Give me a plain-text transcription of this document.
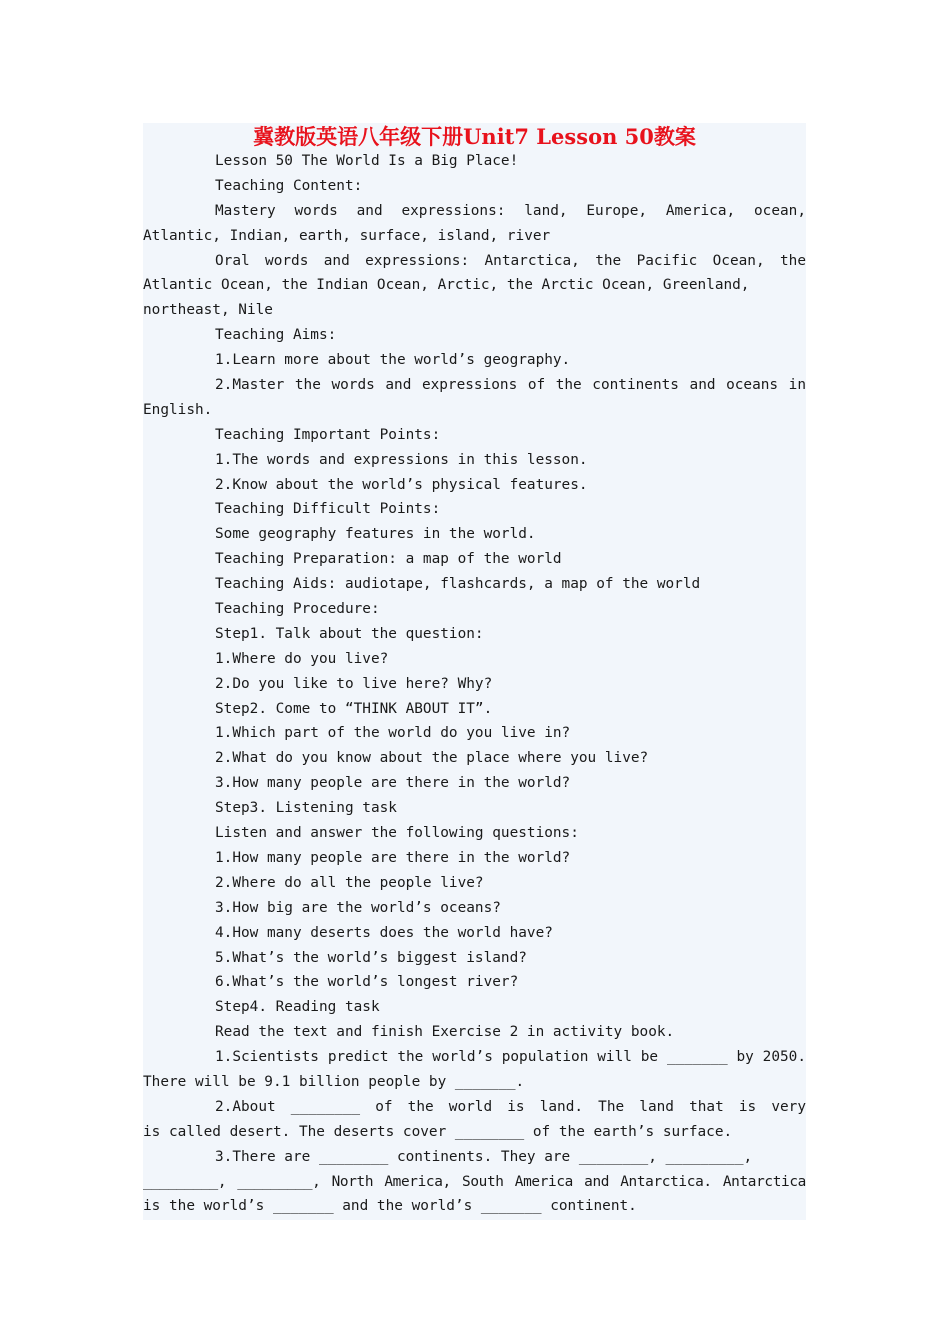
冀教版英语八年级下册Unit7 Lesson 50教案
Lesson 50 The World Is a Big Place!
Teaching Content:
Mastery words and expressions: land, Europe, America, ocean,
Atlantic, Indian, earth, surface, island, river
Oral words and expressions: Antarctica, the Pacific Ocean, the
Atlantic Ocean, the Indian Ocean, Arctic, the Arctic Ocean, Greenland,
northeast, Nile
Teaching Aims:
1.Learn more about the world’s geography.
2.Master the words and expressions of the continents and oceans in
English.
Teaching Important Points:
1.The words and expressions in this lesson.
2.Know about the world’s physical features.
Teaching Difficult Points:
Some geography features in the world.
Teaching Preparation: a map of the world
Teaching Aids: audiotape, flashcards, a map of the world
Teaching Procedure:
Step1. Talk about the question:
1.Where do you live?
2.Do you like to live here? Why?
Step2. Come to “THINK ABOUT IT”.
1.Which part of the world do you live in?
2.What do you know about the place where you live?
3.How many people are there in the world?
Step3. Listening task
Listen and answer the following questions:
1.How many people are there in the world?
2.Where do all the people live?
3.How big are the world’s oceans?
4.How many deserts does the world have?
5.What’s the world’s biggest island?
6.What’s the world’s longest river?
Step4. Reading task
Read the text and finish Exercise 2 in activity book.
1.Scientists predict the world’s population will be _______ by 2050.
There will be 9.1 billion people by _______.
2.About ________ of the world is land. The land that is very
is called desert. The deserts cover ________ of the earth’s surface.
3.There are ________ continents. They are ________, _________,
_________, _________, North America, South America and Antarctica. Antarctica
is the world’s _______ and the world’s _______ continent.
